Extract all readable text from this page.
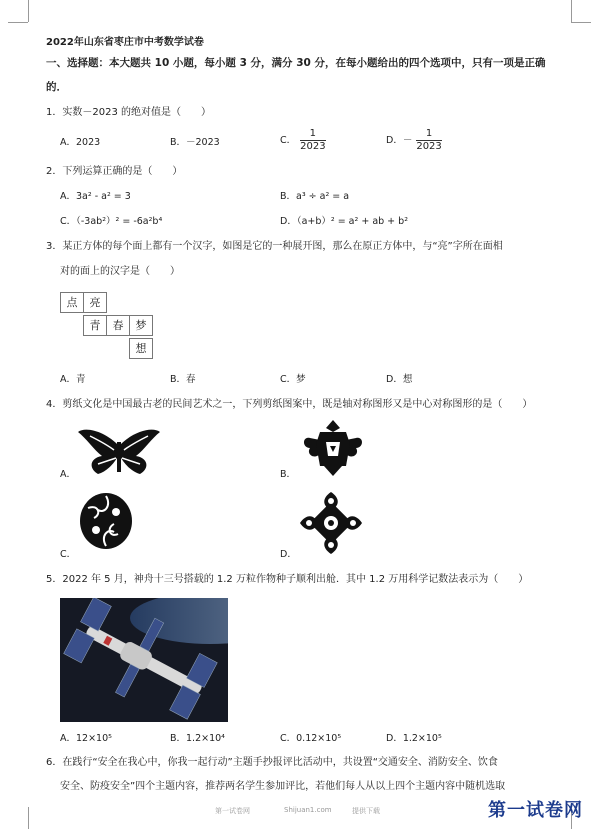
2022年山东省枣庄市中考数学试卷
一、选择题：本大题共 10 小题，每小题 3 分，满分 30 分，在每小题给出的四个选项中，只有一项是正确
的．
1．实数－2023 的绝对值是（　　）
A．2023	B．－2023	C． $\frac{1}{2023}$	D．－ $\frac{1}{2023}$
2．下列运算正确的是（　　）
A．3a² - a² = 3	B．a³ ÷ a² = a
C．（-3ab²）² = -6a²b⁴	D．（a+b）² = a² + ab + b²
3．某正方体的每个面上都有一个汉字，如图是它的一种展开图，那么在原正方体中，与“亮”字所在面相
对的面上的汉字是（　　）
点	亮
青	春	梦
想
A．青	B．春	C．梦	D．想
4．剪纸文化是中国最古老的民间艺术之一，下列剪纸图案中，既是轴对称图形又是中心对称图形的是（　　）
A．	B．
C．	D．
5．2022 年 5 月，神舟十三号搭载的 1.2 万粒作物种子顺利出舱．其中 1.2 万用科学记数法表示为（　　）
A．12×10⁵	B．1.2×10⁴	C．0.12×10⁵	D．1.2×10⁵
6．在践行“安全在我心中，你我一起行动”主题手抄报评比活动中，共设置“交通安全、消防安全、饮食
安全、防疫安全”四个主题内容，推荐两名学生参加评比，若他们每人从以上四个主题内容中随机选取
第一试卷网	Shijuan1.com	提供下载	第一试卷网
